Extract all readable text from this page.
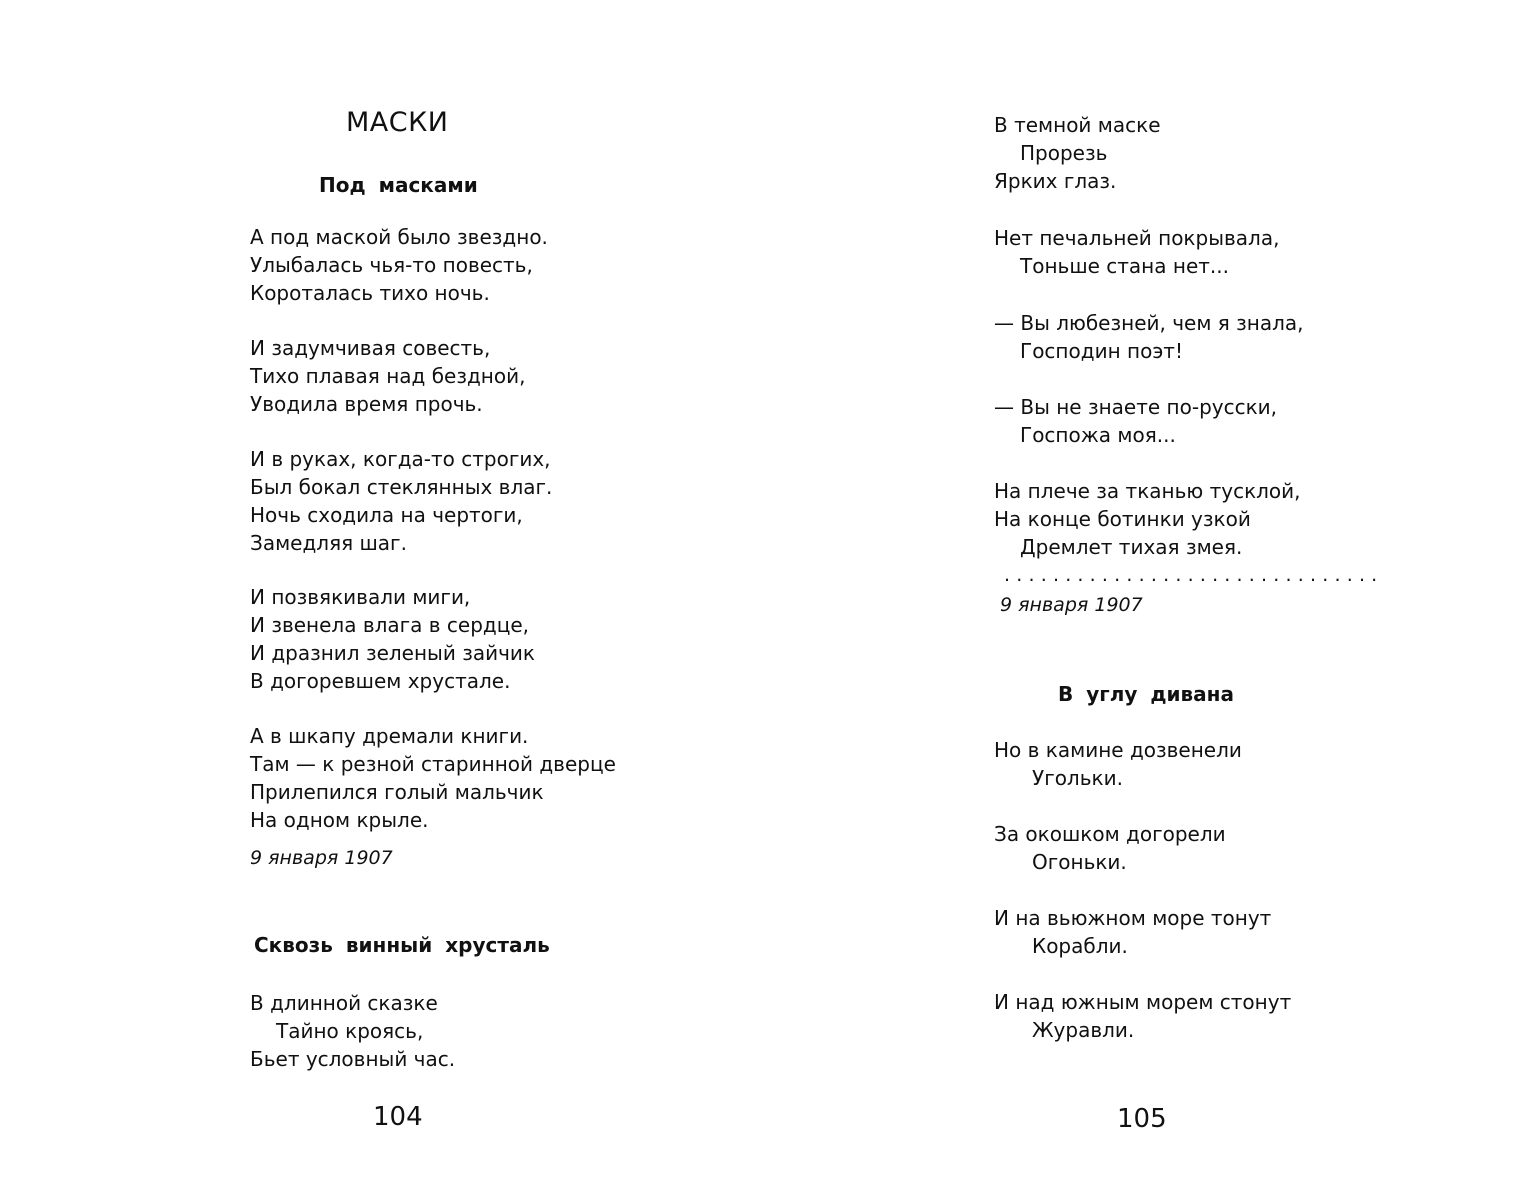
МАСКИ
Под масками
А под маской было звездно.
Улыбалась чья-то повесть,
Короталась тихо ночь.
И задумчивая совесть,
Тихо плавая над бездной,
Уводила время прочь.
И в руках, когда-то строгих,
Был бокал стеклянных влаг.
Ночь сходила на чертоги,
Замедляя шаг.
И позвякивали миги,
И звенела влага в сердце,
И дразнил зеленый зайчик
В догоревшем хрустале.
А в шкапу дремали книги.
Там — к резной старинной дверце
Прилепился голый мальчик
На одном крыле.
9 января 1907
Сквозь винный хрусталь
В длинной сказке
Тайно кроясь,
Бьет условный час.
104
В темной маске
Прорезь
Ярких глаз.
Нет печальней покрывала,
Тоньше стана нет...
— Вы любезней, чем я знала,
Господин поэт!
— Вы не знаете по-русски,
Госпожа моя...
На плече за тканью тусклой,
На конце ботинки узкой
Дремлет тихая змея.
...............................
9 января 1907
В углу дивана
Но в камине дозвенели
Угольки.
За окошком догорели
Огоньки.
И на вьюжном море тонут
Корабли.
И над южным морем стонут
Журавли.
105
